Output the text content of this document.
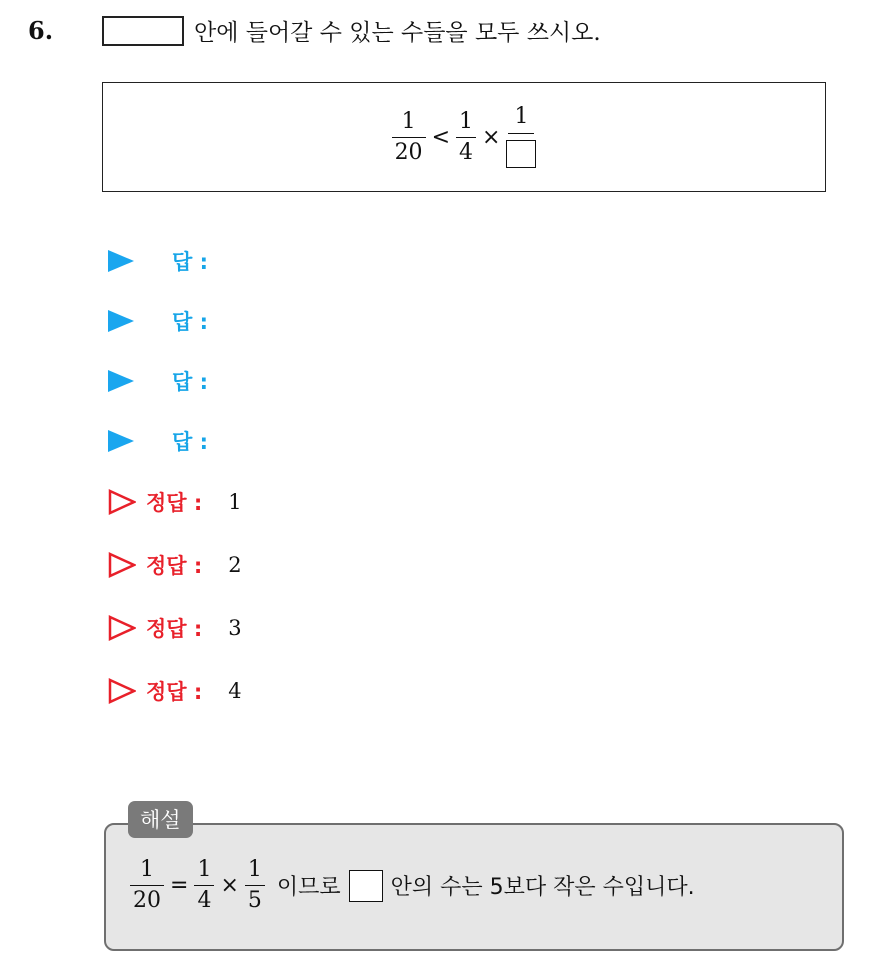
6.	안에 들어갈 수 있는 수들을 모두 쓰시오.
$\frac{1}{20} < \frac{1}{4}$ ×
1
답 :
답 :
답 :
답 :
정답 : 1
정답 : 2
정답 : 3
정답 : 4
해설
$\frac{1}{20} = \frac{1}{4} \times \frac{1}{5}$ 이므로 안의 수는 5보다 작은 수입니다.
